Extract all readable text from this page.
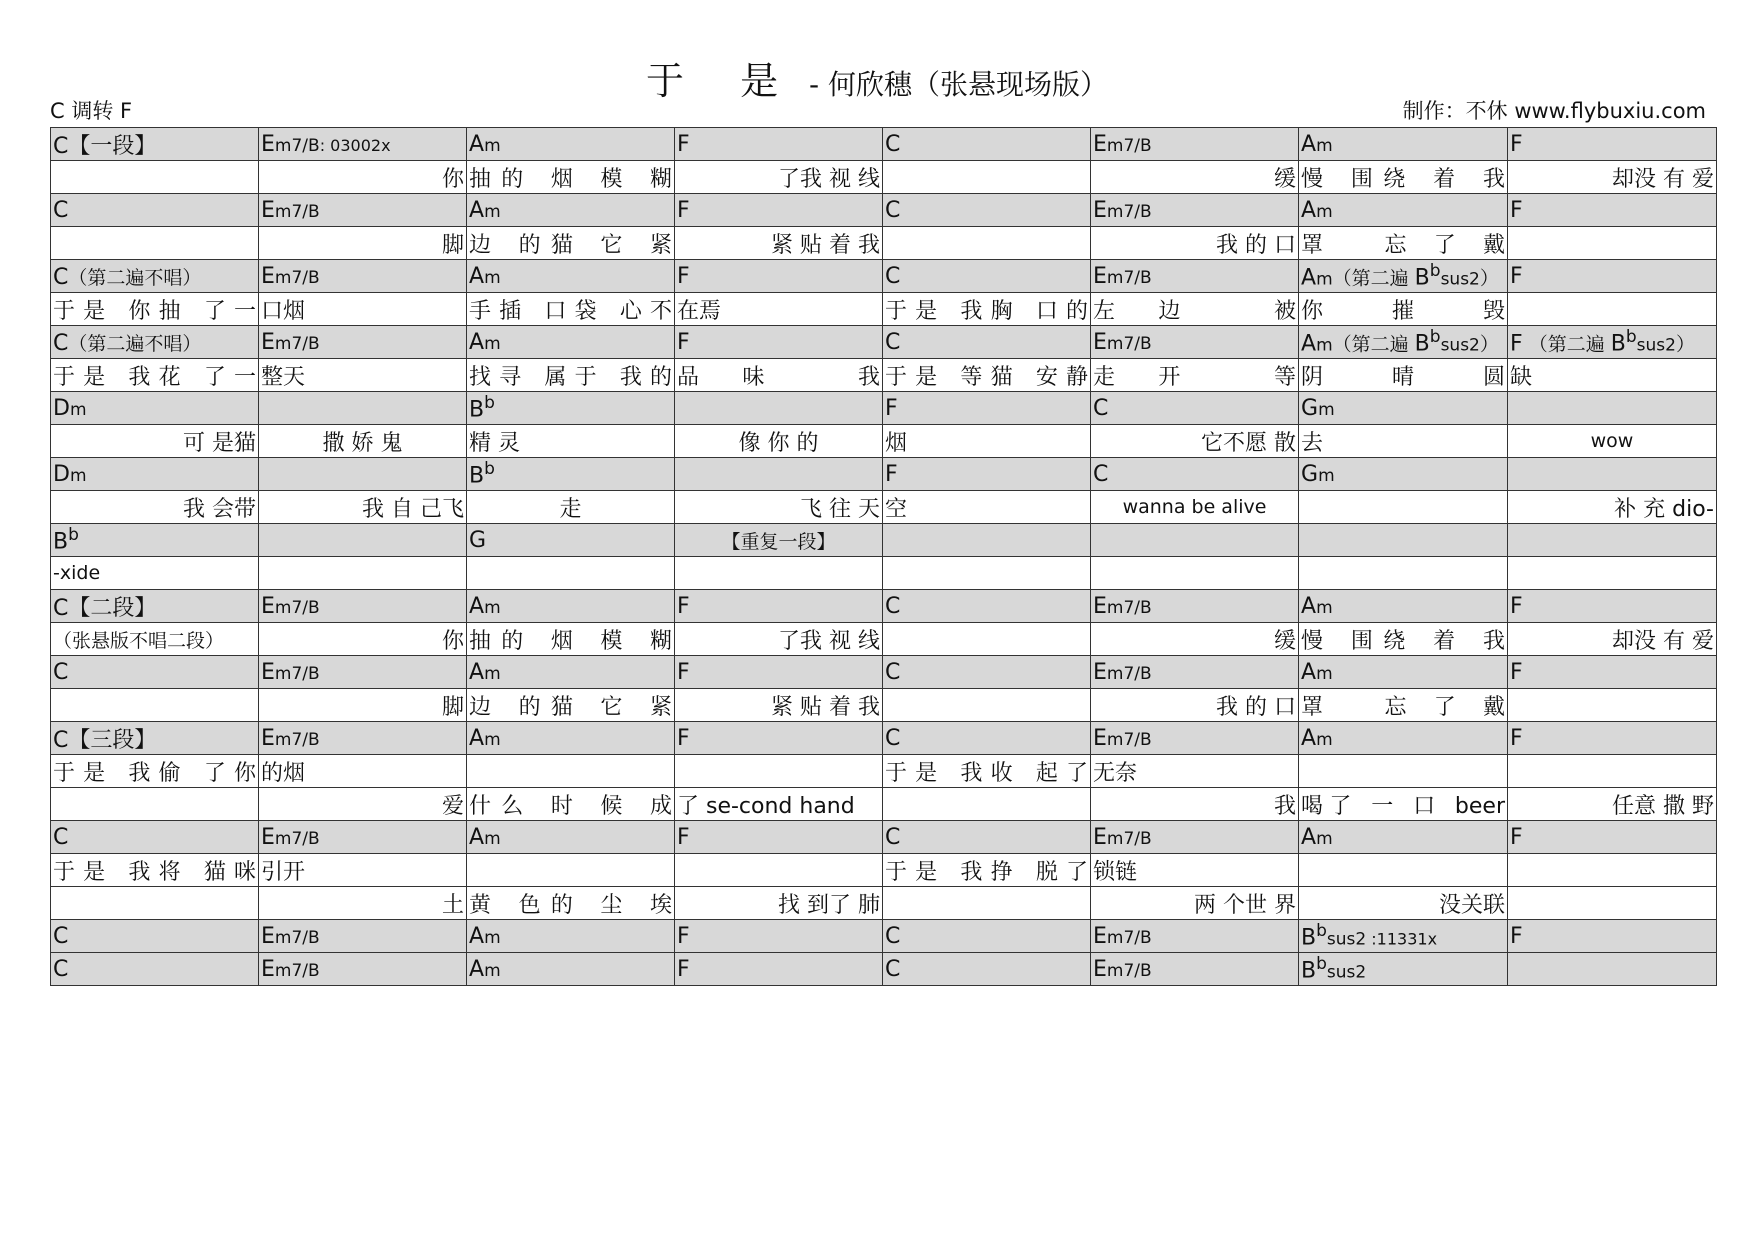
于 是 - 何欣穗（张悬现场版）
C 调转 F	制作：不休 www.flybuxiu.com
C【一段】	Em7/B: 03002x	Am	F	C	Em7/B	Am	F

	你	抽的 烟 模 糊	了我 视 线		缓	慢 围绕 着 我	却没 有 爱

C	Em7/B	Am	F	C	Em7/B	Am	F

	脚	边 的猫 它 紧	紧 贴 着 我		我 的 口	罩 忘了戴	

C（第二遍不唱）	Em7/B	Am	F	C	Em7/B	Am（第二遍 $B^bsus2$）	F

于是 你抽 了一	口烟	手插 口袋 心不	在焉	于是 我胸 口的	左边 被	你 摧 毁	

C（第二遍不唱）	Em7/B	Am	F	C	Em7/B	Am（第二遍 $B^bsus2$）	F （第二遍 $B^bsus2$）

于是 我花 了一	整天	找寻 属于 我的	品味 我	于是 等猫 安静	走开 等	阴 晴 圆	缺

Dm		$B^b$		F	C	Gm	

可 是猫	撒 娇 鬼	精 灵	像 你 的	烟	它不愿 散	去	wow

Dm		$B^b$		F	C	Gm	

我 会带	我 自 己飞	走	飞 往 天	空	wanna be alive		补 充 dio-

$B^b$		G	【重复一段】				

-xide							

C【二段】	Em7/B	Am	F	C	Em7/B	Am	F

（张悬版不唱二段）	你	抽的 烟 模 糊	了我 视 线		缓	慢 围绕 着 我	却没 有 爱

C	Em7/B	Am	F	C	Em7/B	Am	F

	脚	边 的猫 它 紧	紧 贴 着 我		我 的 口	罩 忘了戴	

C【三段】	Em7/B	Am	F	C	Em7/B	Am	F

于是 我偷 了你	的烟			于是 我收 起了	无奈		

	爱	什么 时 候 成	了 se-cond hand		我	喝了 一 口 beer	任意 撒 野

C	Em7/B	Am	F	C	Em7/B	Am	F

于是 我将 猫咪	引开			于是 我挣 脱了	锁链		

	土	黄 色的 尘 埃	找 到了 肺		两 个世 界	没关联	

C	Em7/B	Am	F	C	Em7/B	$B^bsus2$ :11331x	F
C	Em7/B	Am	F	C	Em7/B	$B^bsus2$	
